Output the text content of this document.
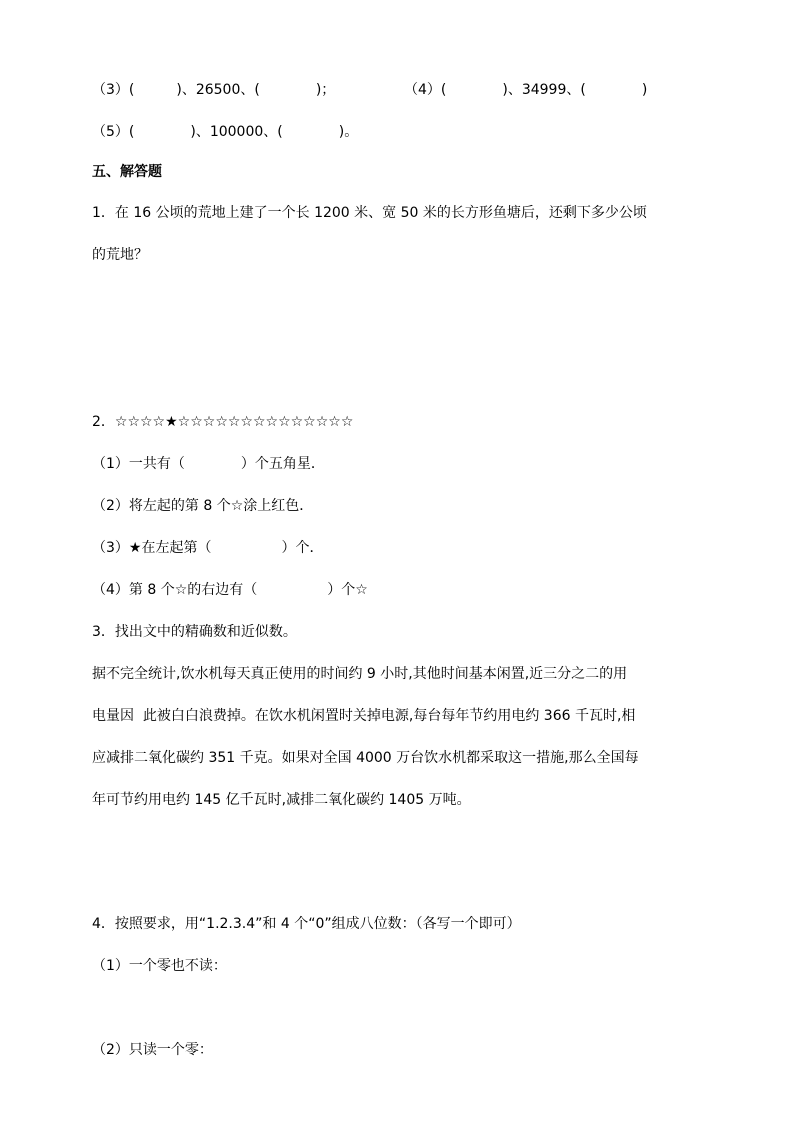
（3）(　　　)、26500、(　　　　)；	（4）(　　　　)、34999、(　　　　)

（5）(　　　　)、100000、(　　　　)。

五、解答题

1．在 16 公顷的荒地上建了一个长 1200 米、宽 50 米的长方形鱼塘后，还剩下多少公顷

的荒地？

2．☆☆☆☆★☆☆☆☆☆☆☆☆☆☆☆☆☆☆

（1）一共有（　　　　）个五角星．

（2）将左起的第 8 个☆涂上红色．

（3）★在左起第（　　　　　）个．

（4）第 8 个☆的右边有（　　　　　）个☆

3．找出文中的精确数和近似数。

据不完全统计,饮水机每天真正使用的时间约 9 小时,其他时间基本闲置,近三分之二的用

电量因  此被白白浪费掉。在饮水机闲置时关掉电源,每台每年节约用电约 366 千瓦时,相

应减排二氧化碳约 351 千克。如果对全国 4000 万台饮水机都采取这一措施,那么全国每

年可节约用电约 145 亿千瓦时,减排二氧化碳约 1405 万吨。

4．按照要求，用“1.2.3.4”和 4 个“0”组成八位数：（各写一个即可）

（1）一个零也不读：

（2）只读一个零：
